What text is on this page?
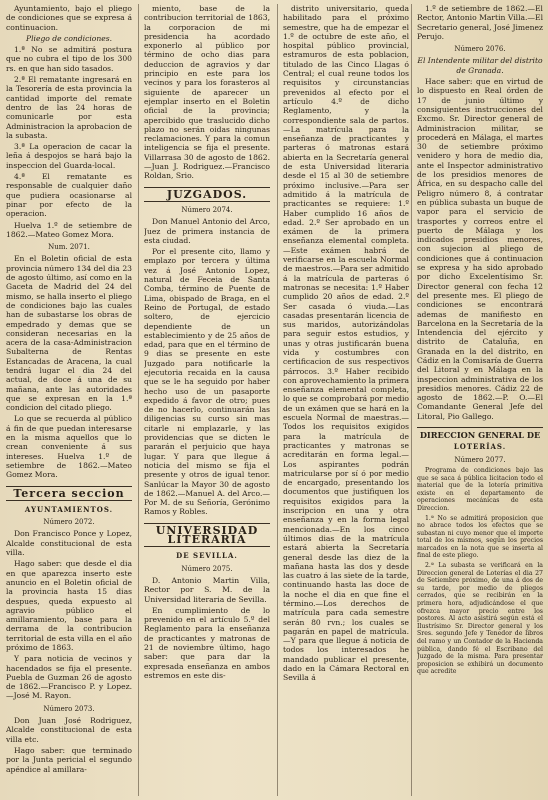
Ayuntamiento, bajo el pliego de condiciones que se expresa á continuacion.

Pliego de condiciones.

1.ª No se admitirá postura que no cubra el tipo de los 300 rs. en que han sido tasados.

2.ª El rematante ingresará en la Tesorería de esta provincia la cantidad importe del remate dentro de las 24 horas de comunicarle por esta Administracion la aprobacion de la subasta.

3.ª La operacion de cacar la leña á despojos se hará bajo la inspeccion del Guarda-local.

4.ª El rematante es responsable de cualquier daño que pudiera ocasionarse al pinar por efecto de la operacion.

Huelva 1.º de setiembre de 1862.—Mateo Gomez Mora.

Num. 2071.

En el Boletin oficial de esta provincia número 134 del dia 23 de agosto último, así como en la Gaceta de Madrid del 24 del mismo, se halla inserto el pliego de condiciones bajo las cuales han de subastarse los obras de empedrado y demas que se consideran necesarias en la acera de la casa-Administracion Subalterna de Rentas Estancadas de Aracena, la cual tendrá lugar el dia 24 del actual, de doce á una de su mañana, ante las autoridades que se expresan en la 1.ª condicion del citado pliego.

Lo que se recuerda al público á fin de que puedan interesarse en la misma aquellos que lo crean conveniente á sus intereses. Huelva 1.º de setiembre de 1862.—Mateo Gomez Mora.

Tercera seccion
AYUNTAMIENTOS.

Número 2072.

Don Francisco Ponce y Lopez, Alcalde constitucional de esta villa.

Hago saber: que desde el dia en que aparezca inserto este anuncio en el Boletin oficial de la provincia hasta 15 dias despues, queda expuesto al agravio público el amillaramiento, base para la derrama de la contribucion territorial de esta villa en el año próximo de 1863.

Y para noticia de vecinos y hacendados se fija el presente. Puebla de Guzman 26 de agosto de 1862.—Francisco P. y Lopez.—José M. Rayon.

Número 2073.

Don Juan José Rodriguez, Alcalde constitucional de esta villa etc.

Hago saber: que terminado por la Junta pericial el segundo apéndice al amillara-

miento, base de la contribucion territorial de 1863, la corporacion de mi presidencia ha acordado exponerlo al público por término de ocho dias para deduccion de agravios y dar principio en este para los vecinos y para los forasteros al siguiente de aparecer un ejemplar inserto en el Boletin oficial de la provincia; apercibido que traslucido dicho plazo no serán oidas ningunas reclamaciones. Y para la comun inteligencia se fija el presente. Villarrasa 30 de agosto de 1862.—Juan J. Rodriguez.—Francisco Roldan, Srio.

JUZGADOS.

Número 2074.

Don Manuel Antonio del Arco, Juez de primera instancia de esta ciudad.

Por el presente cito, llamo y emplazo por tercera y última vez á José Antonio Lopez, natural de Feceia de Santa Comba, término de Puente de Lima, obispado de Braga, en el Reino de Portugal, de estado soltero, de ejercicio dependiente de un establecimiento y de 25 años de edad, para que en el término de 9 dias se presente en este Juzgado para notificarle la ejecutoria recaida en la causa que se le ha seguido por haber hecho uso de un pasaporte expedido á favor de otro; pues de no hacerlo, continuarán las diligencias su curso sin mas citarle ni emplazarle, y las providencias que se dicten le pararán el perjuicio que haya lugar. Y para que llegue á noticia del mismo se fija el presente y otros de igual tenor. Sanlúcar la Mayor 30 de agosto de 1862.—Manuel A. del Arco.—Por M. de su Señoría, Gerónimo Ramos y Robles.

UNIVERSIDAD LITERARIA
DE SEVILLA.

Número 2075.

D. Antonio Martin Villa, Rector por S. M. de la Universidad literaria de Sevilla.

En cumplimiento de lo prevenido en el artículo 5.º del Reglamento para la enseñanza de practicantes y matronas de 21 de noviembre último, hago saber: que para dar la expresada enseñanza en ambos estremos en este dis-

distrito universitario, queda habilitado para el próximo semestre, que ha de empezar el 1.º de octubre de este año, el hospital público provincial, estramuros de esta poblacion, titulado de las Cinco Llagas ó Central; el cual reune todos los requisitos y circunstancias prevenidos al efecto por el artículo 4.º de dicho Reglamento, y la correspondiente sala de partos.—La matrícula para la enseñanza de practicantes y parteras ó matronas estará abierta en la Secretaría general de esta Universidad literaria desde el 15 al 30 de setiembre próximo inclusive.—Para ser admitido á la matrícula de practicantes se requiere: 1.º Haber cumplido 16 años de edad. 2.º Ser aprobado en un exámen de la primera enseñanza elemental completa.—Este exámen habrá de verificarse en la escuela Normal de maestros.—Para ser admitido á la matrícula de parteras ó matronas se necesita: 1.º Haber cumplido 20 años de edad. 2.º Ser casada ó viuda.—Las casadas presentarán licencia de sus maridos, autorizándolas para seguir estos estudios, y unas y otras justificarán buena vida y costumbres con certificacion de sus respectivos párrocos. 3.º Haber recibido con aprovechamiento la primera enseñanza elemental completa, lo que se comprobará por medio de un exámen que se hará en la escuela Normal de maestras.—Todos los requisitos exigidos para la matrícula de practicantes y matronas se acreditarán en forma legal.—Los aspirantes podrán matricularse por sí ó por medio de encargado, presentando los documentos que justifiquen los requisitos exigidos para la inscripcion en una y otra enseñanza y en la forma legal mencionada.—En los cinco últimos dias de la matrícula estará abierta la Secretaría general desde las diez de la mañana hasta las dos y desde las cuatro á las siete de la tarde, continuando hasta las doce de la noche el dia en que fine el término.—Los derechos de matrícula para cada semestre serán 80 rvn.; los cuales se pagarán en papel de matrícula.—Y para que llegue á noticia de todos los interesados he mandado publicar el presente, dado en la Cámara Rectoral en Sevilla á

1.º de setiembre de 1862.—El Rector, Antonio Martin Villa.—El Secretario general, José Jimenez Perujo.

Número 2076.

El Intendente militar del distrito de Granada.

Hace saber: que en virtud de lo dispuesto en Real órden de 17 de junio último y consiguientes instrucciones del Excmo. Sr. Director general de Administracion militar, se procederá en Málaga, el martes 30 de setiembre próximo venidero y hora de medio dia, ante el Inspector administrativo de los presidios menores de África, en su despacho calle del Peligro número 8, á contratar en pública subasta un buque de vapor para el servicio de trasportes y correos entre el puerto de Málaga y los indicados presidios menores, con sujecion al pliego de condiciones que á continuacion se expresa y ha sido aprobado por dicho Excelentísimo Sr. Director general con fecha 12 del presente mes. El pliego de condiciones se encontrará ademas de manifiesto en Barcelona en la Secretaría de la Intendencia del ejército y distrito de Cataluña, en Granada en la del distrito, en Cádiz en la Comisaría de Guerra del Litoral y en Málaga en la inspeccion administrativa de los presidios menores. Cádiz 22 de agosto de 1862.—P. O.—El Comandante General Jefe del Litoral, Pio Gallego.

DIRECCION GENERAL DE
LOTERÍAS.

Número 2077.

Programa de condiciones bajo las que se saca á pública licitacion todo el material que de la lotería primitiva existe en el departamento de operaciones mecánicas de esta Direccion.

1.ª No se admitirá proposicion que no abrace todos los efectos que se subastan ni cuyo menor que el importe total de los mismos, según los precios marcados en la nota que se inserta al final de este pliego.

2.ª La subasta se verificará en la Direccion general de Loterías el dia 27 de Setiembre próximo, de una á dos de su tarde, por medio de pliegos cerrados, que se recibirán en la primera hora, adjudicándose el que ofrezca mayor precio entre los postores. Al acto asistirá según está el Ilustrísimo Sr. Director general y los Sres. segundo Jefe y Tenedor de libros del ramo y un Contador de la Hacienda pública, dando fé el Escribano del Juzgado de la misma. Para presentar proposicion se exhibirá un documento que acredite
